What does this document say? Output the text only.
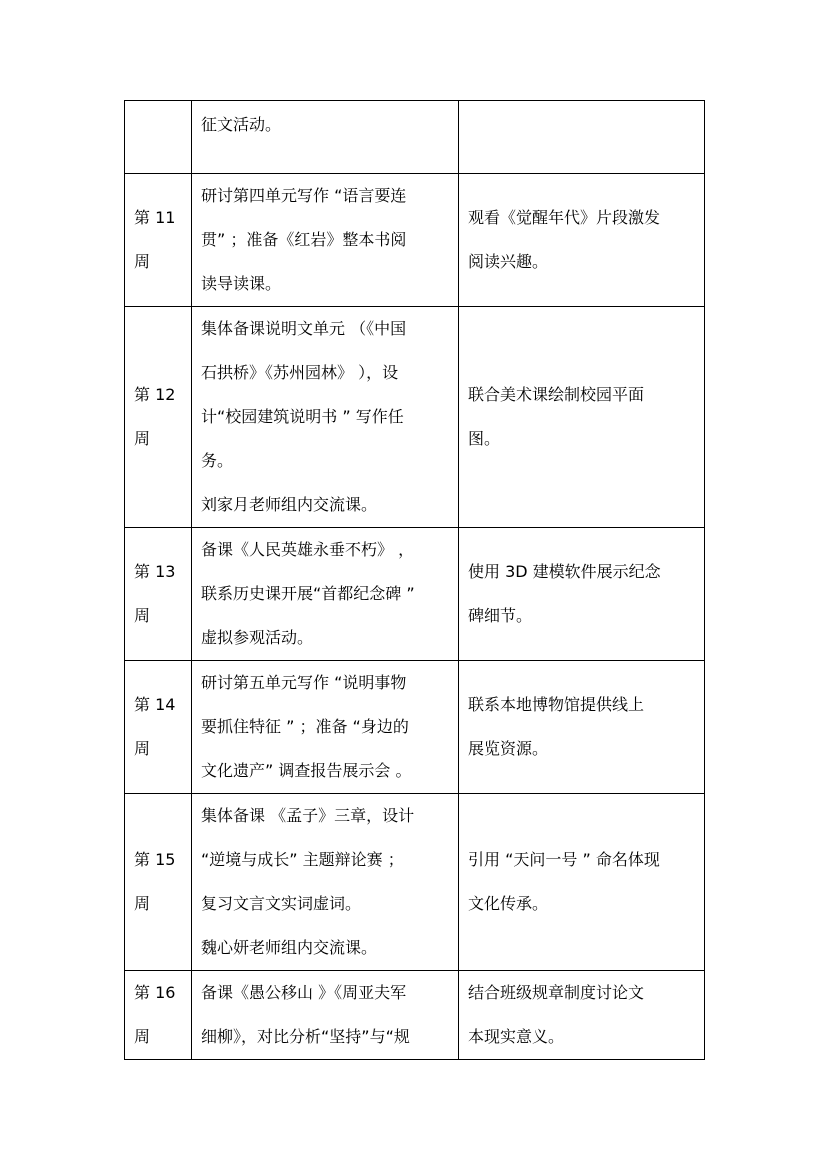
	征文活动。	

第 11
周	研讨第四单元写作 “语言要连
贯” ；准备《红岩》整本书阅
读导读课。	观看《觉醒年代》片段激发
阅读兴趣。

第 12
周	集体备课说明文单元 （《中国
石拱桥》《苏州园林》 ），设
计“校园建筑说明书 ” 写作任
务。
刘家月老师组内交流课。	联合美术课绘制校园平面
图。

第 13
周	备课《人民英雄永垂不朽》 ，
联系历史课开展“首都纪念碑 ”
虚拟参观活动。	使用 3D 建模软件展示纪念
碑细节。

第 14
周	研讨第五单元写作 “说明事物
要抓住特征 ” ；准备 “身边的
文化遗产” 调查报告展示会 。	联系本地博物馆提供线上
展览资源。

第 15
周	集体备课 《孟子》三章，设计
“逆境与成长” 主题辩论赛 ；
复习文言文实词虚词。
魏心妍老师组内交流课。	引用 “天问一号 ” 命名体现
文化传承。

第 16
周	备课《愚公移山 》《周亚夫军
细柳》，对比分析“坚持”与“规	结合班级规章制度讨论文
本现实意义。
